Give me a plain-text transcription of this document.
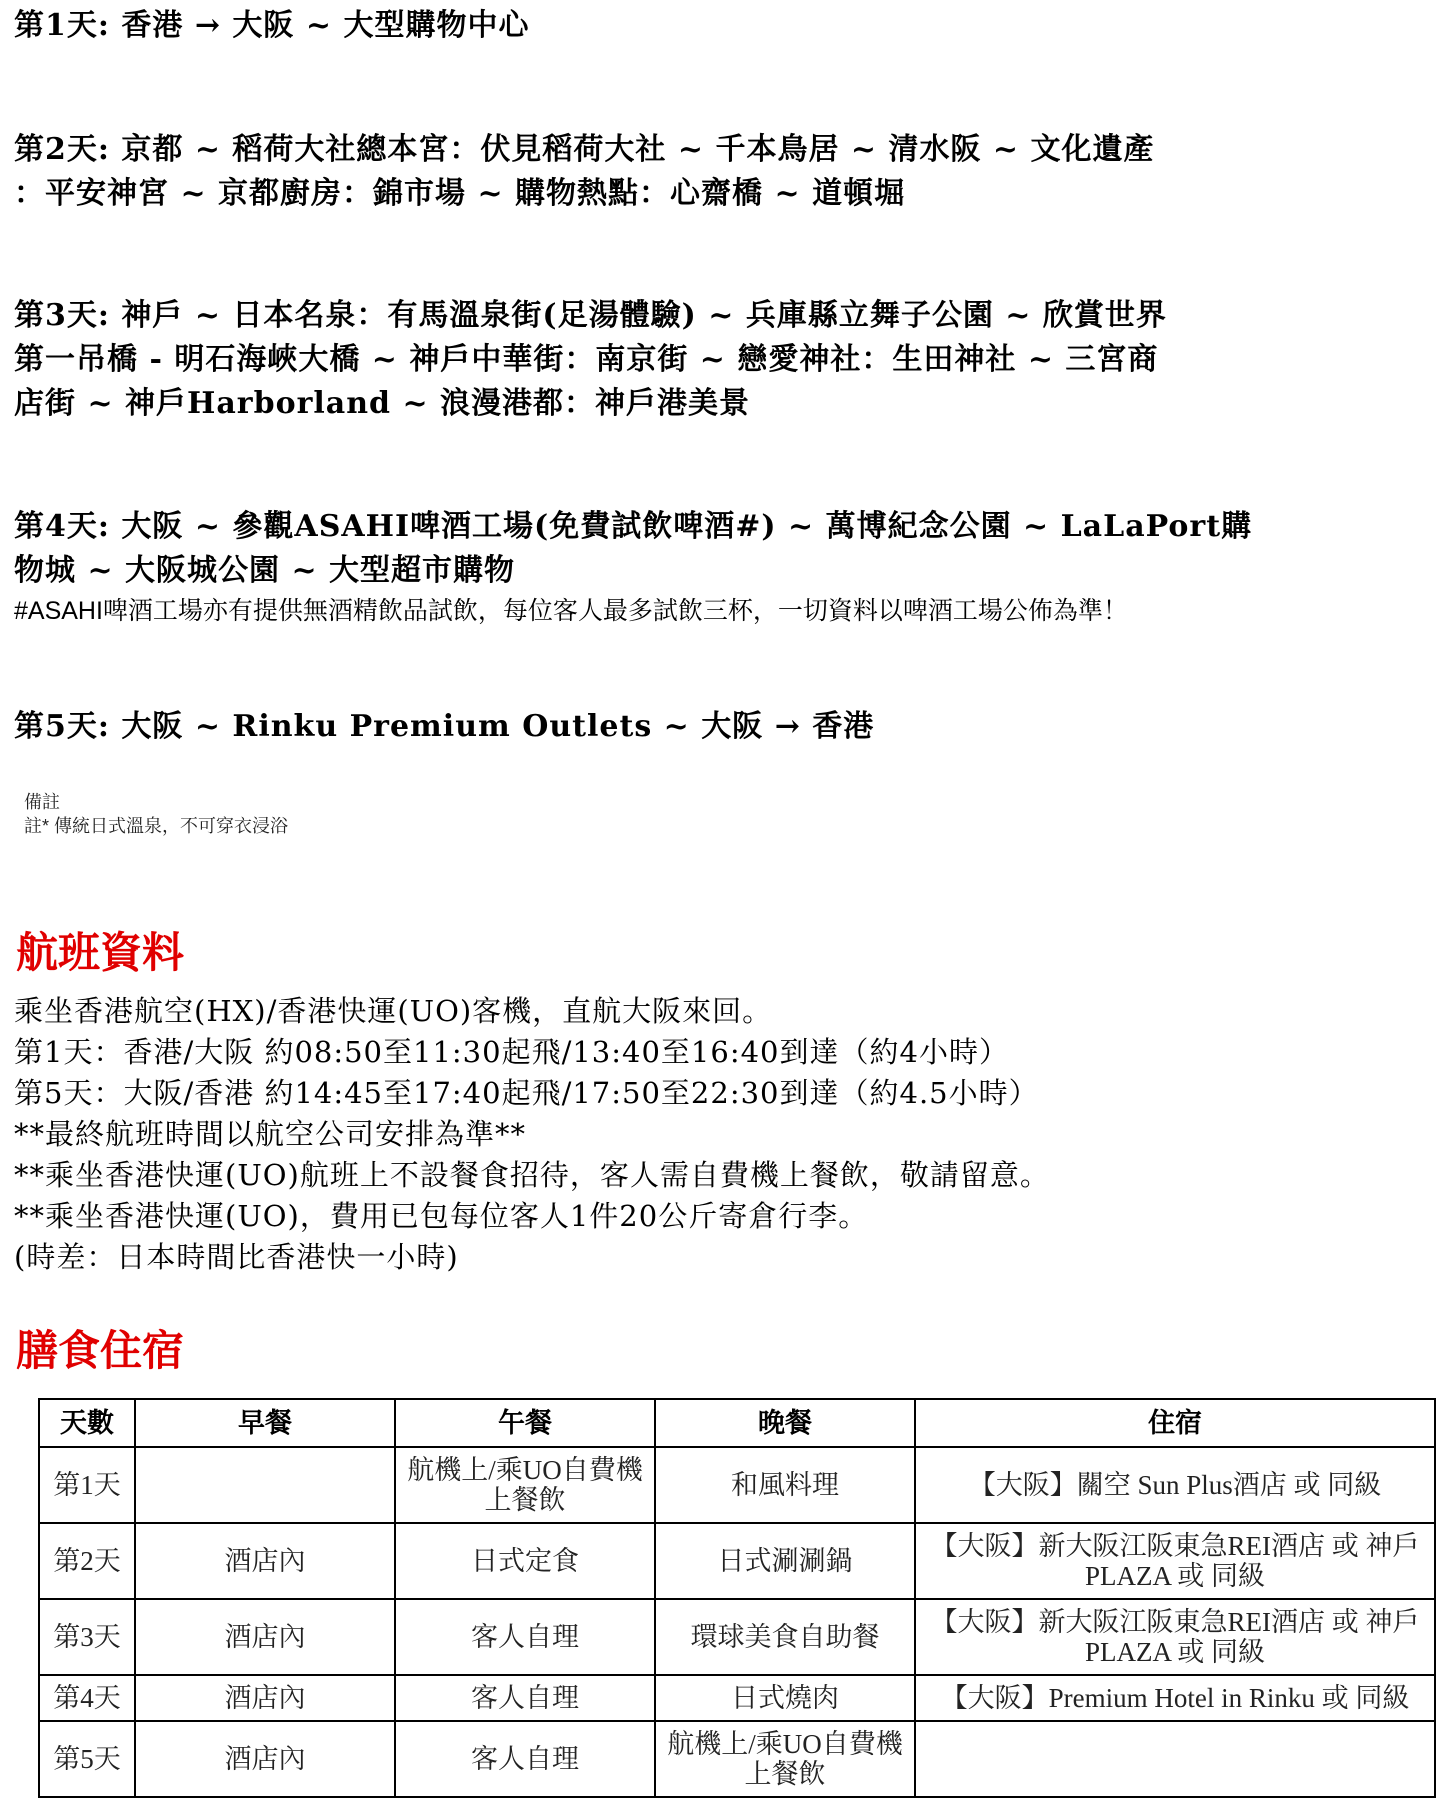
第1天: 香港 → 大阪 ~ 大型購物中心

第2天: 京都 ~ 稻荷大社總本宮：伏見稻荷大社 ~ 千本鳥居 ~ 清水阪 ~ 文化遺產

：平安神宮 ~ 京都廚房：錦市場 ~ 購物熱點：心齋橋 ~ 道頓堀

第3天: 神戶 ~ 日本名泉：有馬溫泉街(足湯體驗) ~ 兵庫縣立舞子公園 ~ 欣賞世界

第一吊橋 - 明石海峽大橋 ~ 神戶中華街：南京街 ~ 戀愛神社：生田神社 ~ 三宮商

店街 ~ 神戶Harborland ~ 浪漫港都：神戶港美景

第4天: 大阪 ~ 參觀ASAHI啤酒工場(免費試飲啤酒#) ~ 萬博紀念公園 ~ LaLaPort購

物城 ~ 大阪城公園 ~ 大型超市購物

#ASAHI啤酒工場亦有提供無酒精飲品試飲，每位客人最多試飲三杯，一切資料以啤酒工場公佈為準！

第5天: 大阪 ~ Rinku Premium Outlets ~ 大阪 → 香港

備註
註* 傳統日式溫泉，不可穿衣浸浴
航班資料

乘坐香港航空(HX)/香港快運(UO)客機，直航大阪來回。

第1天：香港/大阪 約08:50至11:30起飛/13:40至16:40到達（約4小時）

第5天：大阪/香港 約14:45至17:40起飛/17:50至22:30到達（約4.5小時）

**最終航班時間以航空公司安排為準**

**乘坐香港快運(UO)航班上不設餐食招待，客人需自費機上餐飲，敬請留意。

**乘坐香港快運(UO)，費用已包每位客人1件20公斤寄倉行李。

(時差：日本時間比香港快一小時)

膳食住宿
天數	早餐	午餐	晚餐	住宿
第1天		航機上/乘UO自費機上餐飲	和風料理	【大阪】關空 Sun Plus酒店 或 同級
第2天	酒店內	日式定食	日式涮涮鍋	【大阪】新大阪江阪東急REI酒店 或 神戶PLAZA 或 同級
第3天	酒店內	客人自理	環球美食自助餐	【大阪】新大阪江阪東急REI酒店 或 神戶PLAZA 或 同級
第4天	酒店內	客人自理	日式燒肉	【大阪】Premium Hotel in Rinku 或 同級
第5天	酒店內	客人自理	航機上/乘UO自費機上餐飲	
